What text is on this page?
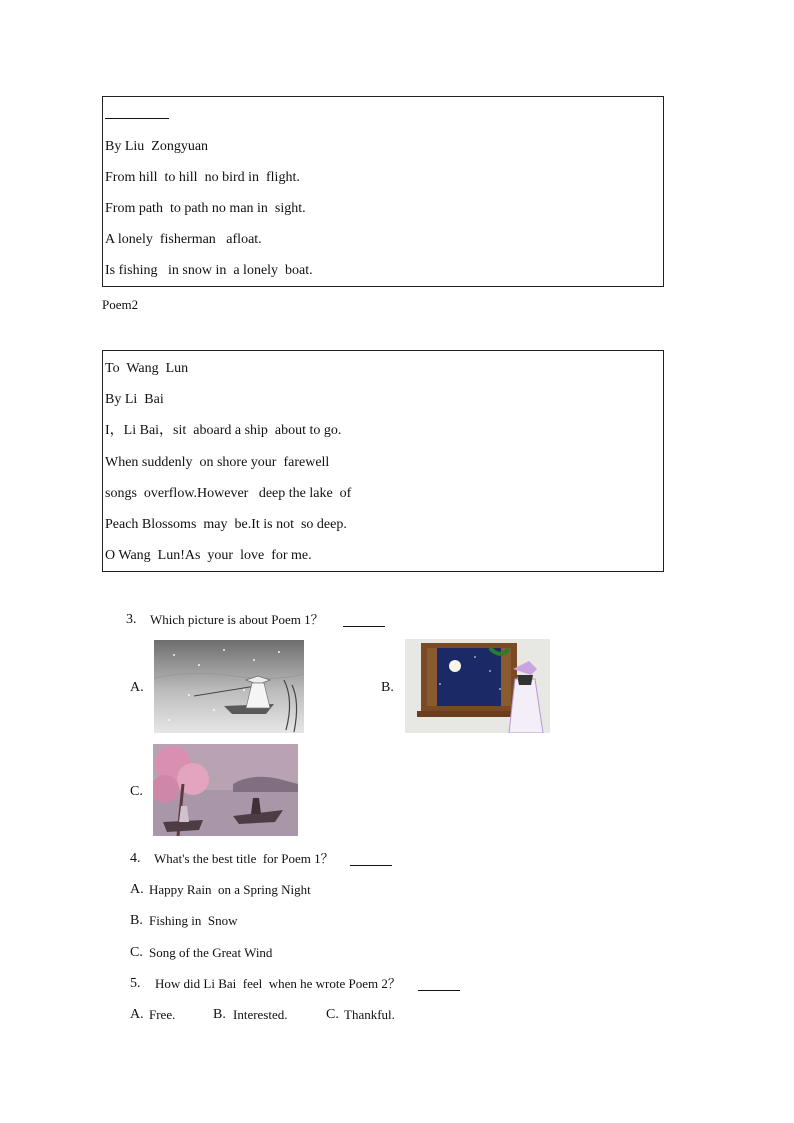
By Liu  Zongyuan
From hill  to hill  no bird in  flight.
From path  to path no man in  sight.
A lonely  fisherman   afloat.
Is fishing   in snow in  a lonely  boat.
Poem2
To  Wang  Lun
By Li  Bai
I，Li Bai，sit  aboard a ship  about to go.
When suddenly  on shore your  farewell
songs  overflow.However   deep the lake  of
Peach Blossoms  may  be.It is not  so deep.
O Wang  Lun!As  your  love  for me.
3. Which picture is about Poem 1？
A.	B.
C.
4. What's the best title  for Poem 1？
A. Happy Rain  on a Spring Night
B. Fishing in  Snow
C. Song of the Great Wind
5. How did Li Bai  feel  when he wrote Poem 2？
A. Free.	B. Interested.	C. Thankful.
